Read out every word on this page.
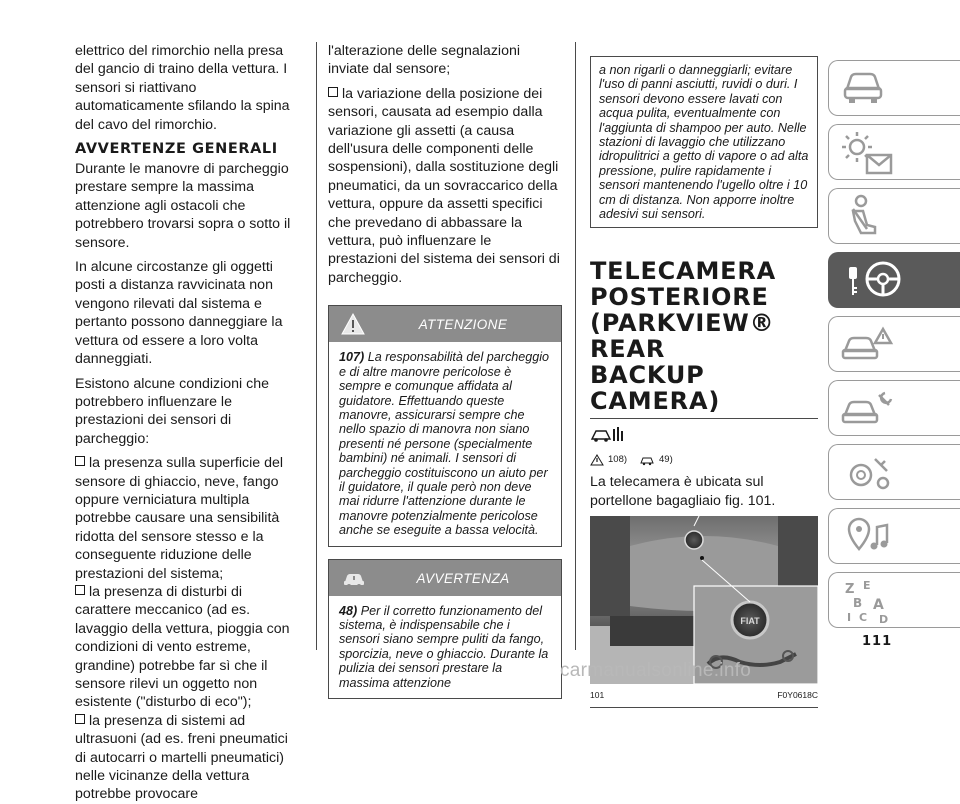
elettrico del rimorchio nella presa del gancio di traino della vettura. I sensori si riattivano automaticamente sfilando la spina del cavo del rimorchio.

AVVERTENZE GENERALI

Durante le manovre di parcheggio prestare sempre la massima attenzione agli ostacoli che potrebbero trovarsi sopra o sotto il sensore.

In alcune circostanze gli oggetti posti a distanza ravvicinata non vengono rilevati dal sistema e pertanto possono danneggiare la vettura od essere a loro volta danneggiati.

Esistono alcune condizioni che potrebbero influenzare le prestazioni dei sensori di parcheggio:

la presenza sulla superficie del sensore di ghiaccio, neve, fango oppure verniciatura multipla potrebbe causare una sensibilità ridotta del sensore stesso e la conseguente riduzione delle prestazioni del sistema;

la presenza di disturbi di carattere meccanico (ad es. lavaggio della vettura, pioggia con condizioni di vento estreme, grandine) potrebbe far sì che il sensore rilevi un oggetto non esistente ("disturbo di eco");

la presenza di sistemi ad ultrasuoni (ad es. freni pneumatici di autocarri o martelli pneumatici) nelle vicinanze della vettura potrebbe provocare

l'alterazione delle segnalazioni inviate dal sensore;

la variazione della posizione dei sensori, causata ad esempio dalla variazione gli assetti (a causa dell'usura delle componenti delle sospensioni), dalla sostituzione degli pneumatici, da un sovraccarico della vettura, oppure da assetti specifici che prevedano di abbassare la vettura, può influenzare le prestazioni del sistema dei sensori di parcheggio.

ATTENZIONE
107) La responsabilità del parcheggio e di altre manovre pericolose è sempre e comunque affidata al guidatore. Effettuando queste manovre, assicurarsi sempre che nello spazio di manovra non siano presenti né persone (specialmente bambini) né animali. I sensori di parcheggio costituiscono un aiuto per il guidatore, il quale però non deve mai ridurre l'attenzione durante le manovre potenzialmente pericolose anche se eseguite a bassa velocità.
AVVERTENZA
48) Per il corretto funzionamento del sistema, è indispensabile che i sensori siano sempre puliti da fango, sporcizia, neve o ghiaccio. Durante la pulizia dei sensori prestare la massima attenzione
a non rigarli o danneggiarli; evitare l'uso di panni asciutti, ruvidi o duri. I sensori devono essere lavati con acqua pulita, eventualmente con l'aggiunta di shampoo per auto. Nelle stazioni di lavaggio che utilizzano idropulitrici a getto di vapore o ad alta pressione, pulire rapidamente i sensori mantenendo l'ugello oltre i 10 cm di distanza. Non apporre inoltre adesivi sui sensori.
TELECAMERA
POSTERIORE
(PARKVIEW® REAR
BACKUP CAMERA)
108)	49)

La telecamera è ubicata sul portellone bagagliaio fig. 101.

FIAT
101	F0Y0618C
Z E
B A
I C D
111
carmanualsonline.info
